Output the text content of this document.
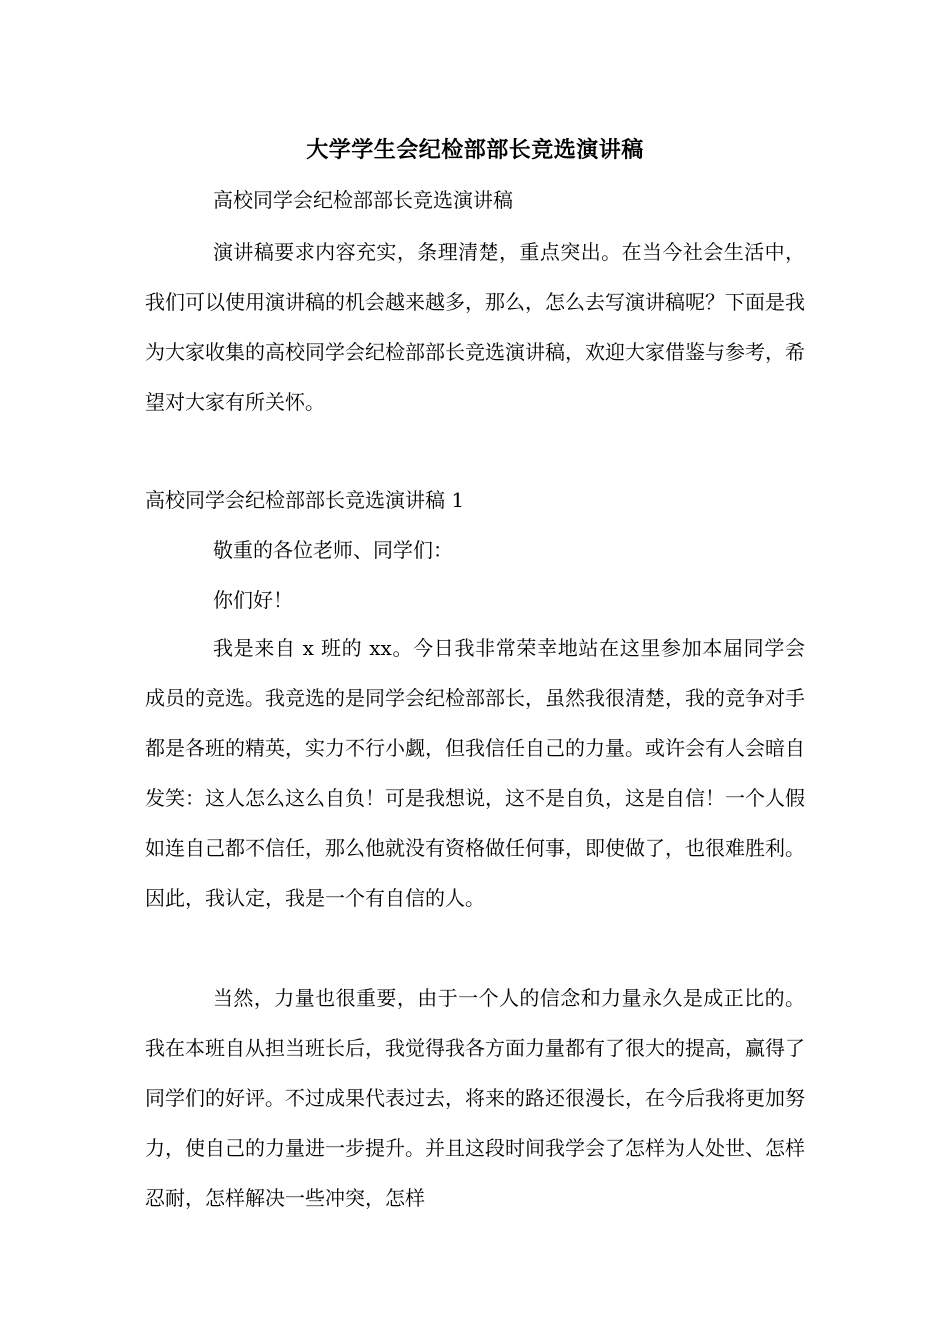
大学学生会纪检部部长竞选演讲稿
高校同学会纪检部部长竞选演讲稿
演讲稿要求内容充实，条理清楚，重点突出。在当今社会生活中，我们可以使用演讲稿的机会越来越多，那么，怎么去写演讲稿呢？下面是我为大家收集的高校同学会纪检部部长竞选演讲稿，欢迎大家借鉴与参考，希望对大家有所关怀。
高校同学会纪检部部长竞选演讲稿 1
敬重的各位老师、同学们：
你们好！
我是来自 x 班的 xx。今日我非常荣幸地站在这里参加本届同学会成员的竞选。我竞选的是同学会纪检部部长，虽然我很清楚，我的竞争对手都是各班的精英，实力不行小觑，但我信任自己的力量。或许会有人会暗自发笑：这人怎么这么自负！可是我想说，这不是自负，这是自信！一个人假如连自己都不信任，那么他就没有资格做任何事，即使做了，也很难胜利。因此，我认定，我是一个有自信的人。
当然，力量也很重要，由于一个人的信念和力量永久是成正比的。我在本班自从担当班长后，我觉得我各方面力量都有了很大的提高，赢得了同学们的好评。不过成果代表过去，将来的路还很漫长，在今后我将更加努力，使自己的力量进一步提升。并且这段时间我学会了怎样为人处世、怎样忍耐，怎样解决一些冲突，怎样
